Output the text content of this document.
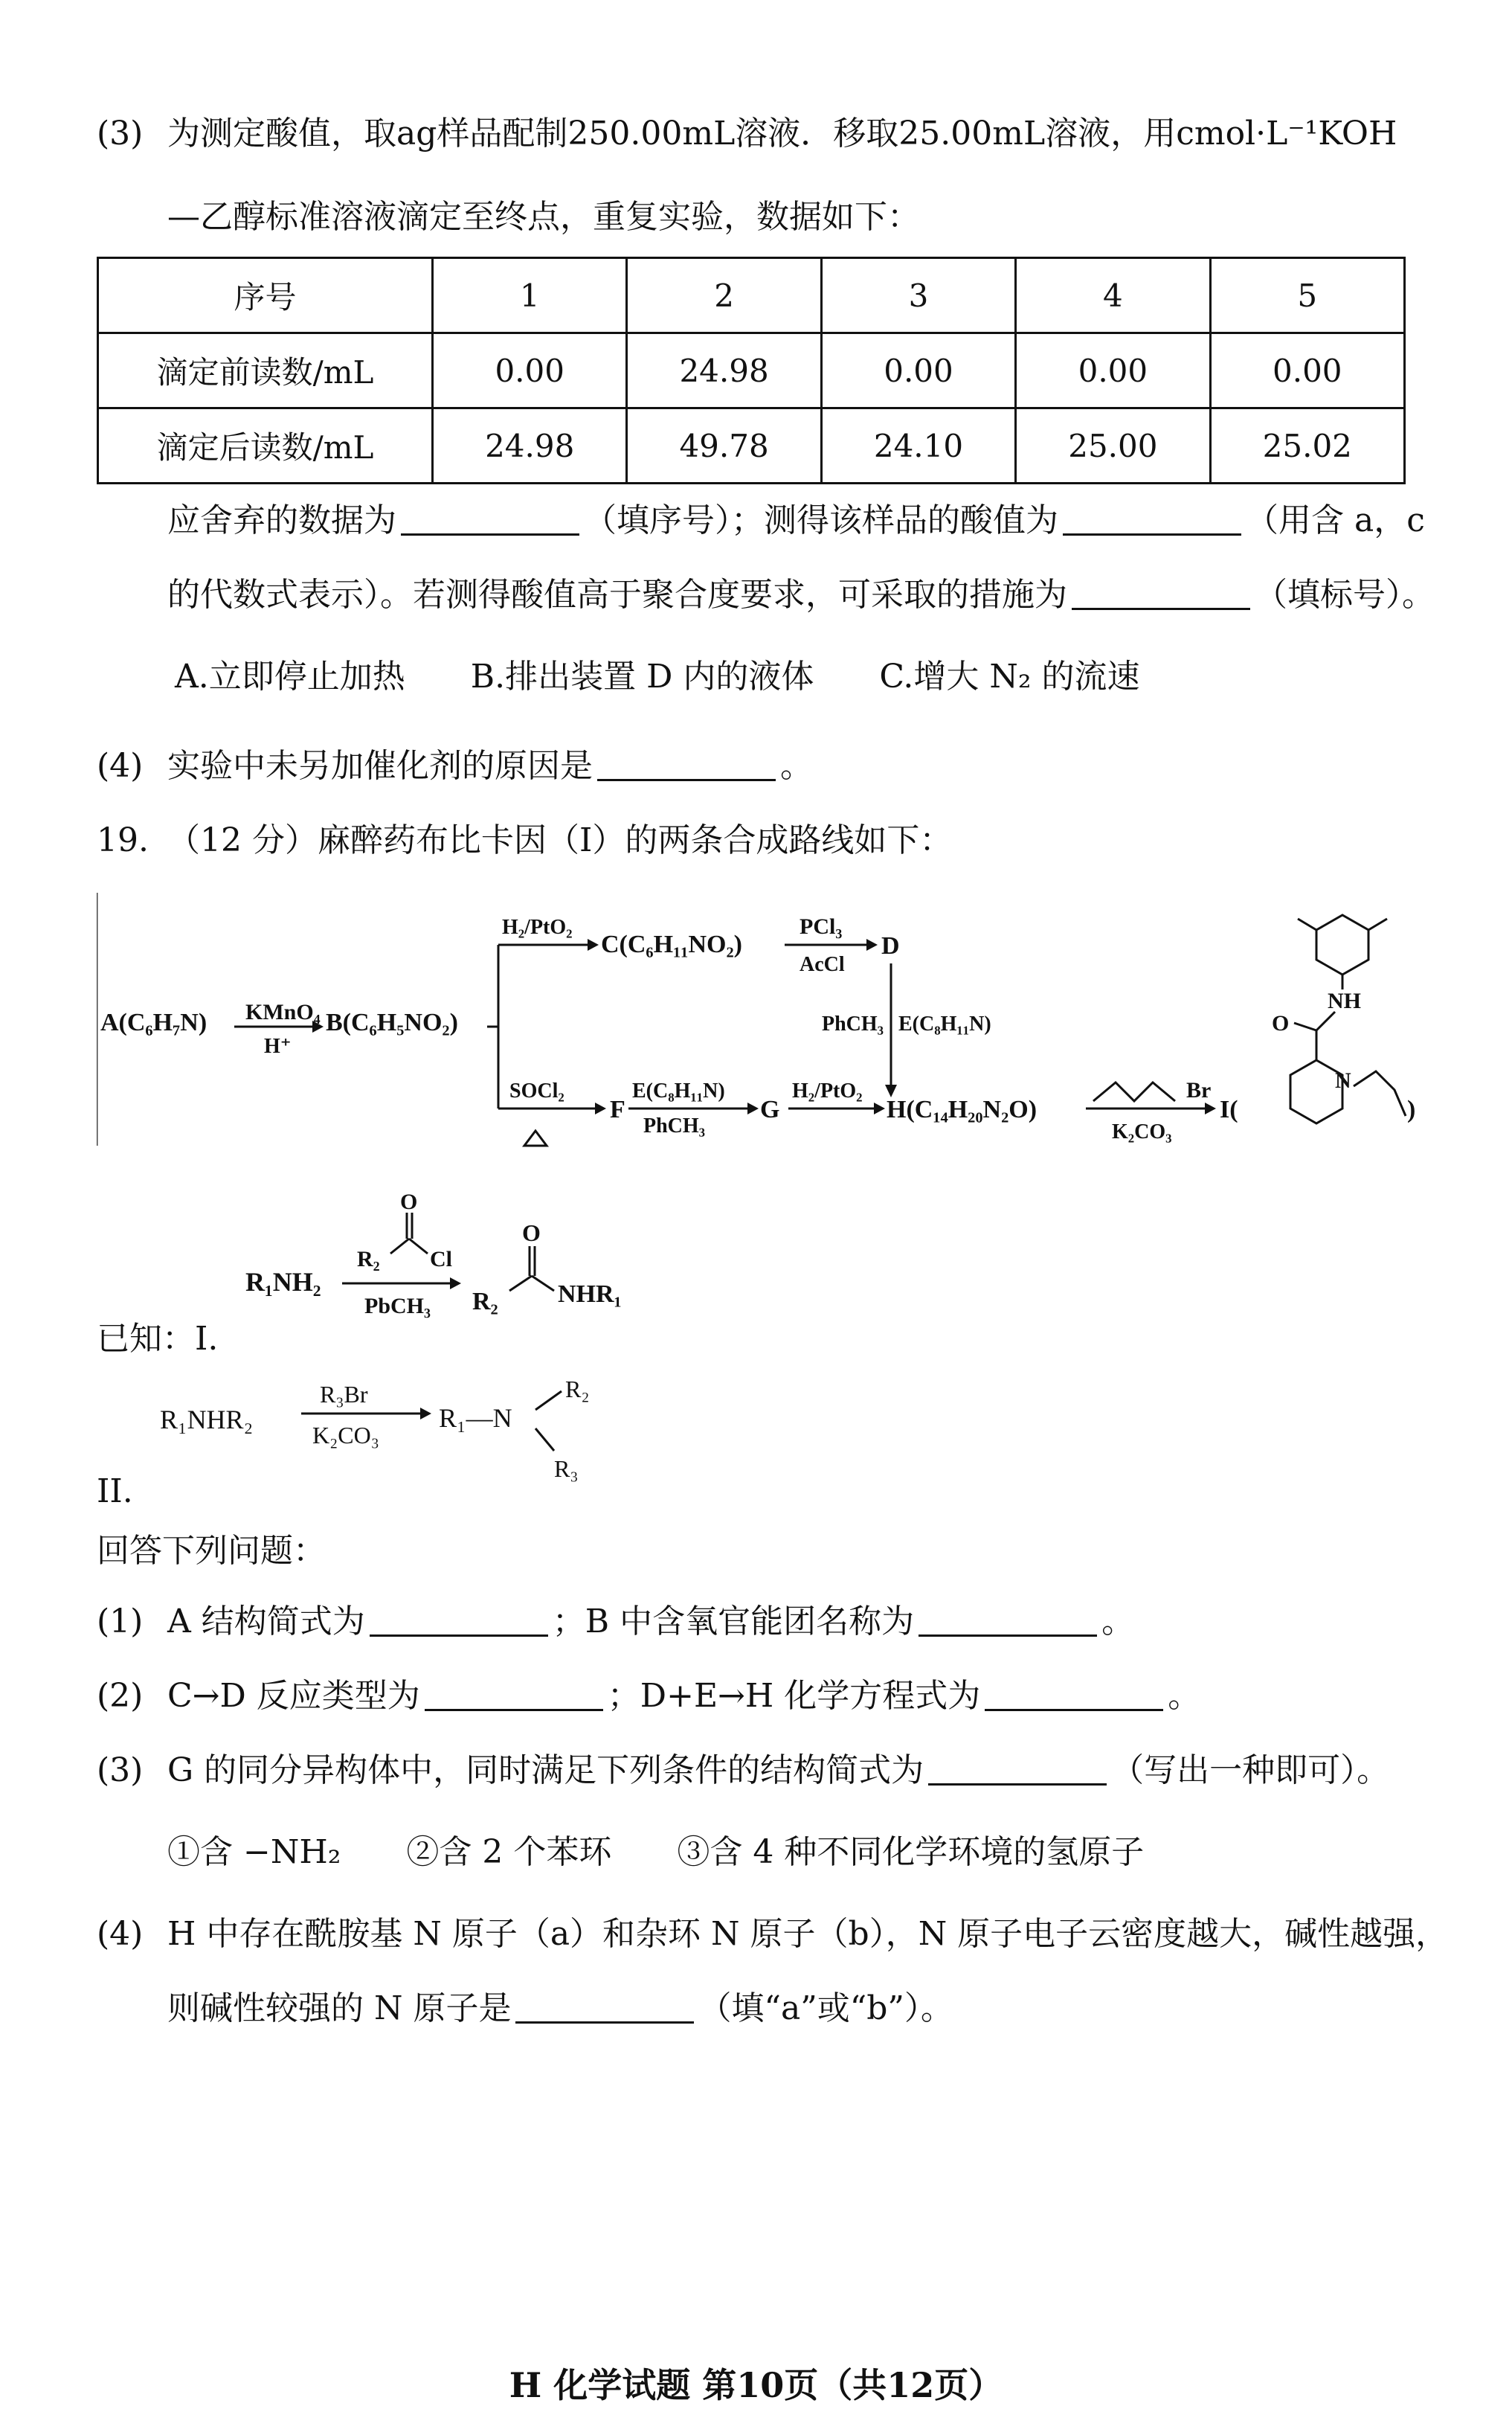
(3) 为测定酸值，取ag样品配制250.00mL溶液．移取25.00mL溶液，用cmol·L⁻¹KOH
—乙醇标准溶液滴定至终点，重复实验，数据如下：
序号	1	2	3	4	5
滴定前读数/mL	0.00	24.98	0.00	0.00	0.00
滴定后读数/mL	24.98	49.78	24.10	25.00	25.02
应舍弃的数据为	（填序号）；测得该样品的酸值为	（用含 a，c
的代数式表示）。若测得酸值高于聚合度要求，可采取的措施为	（填标号）。
A.立即停止加热　　B.排出装置 D 内的液体　　C.增大 N₂ 的流速
(4) 实验中未另加催化剂的原因是	。
19. （12 分）麻醉药布比卡因（I）的两条合成路线如下：
A(C₆H₇N) KMnO₄
H⁺
B(C₆H₅NO₂)
H₂/PtO₂
C(C₆H₁₁NO₂)
PCl₃
AcCl
D
PhCH₃ E(C₈H₁₁N)
SOCl₂
F
E(C₈H₁₁N)
PhCH₃
G
H₂/PtO₂
H(C₁₄H₂₀N₂O)
Br
K₂CO₃
I(
NH
O
N
)
已知：I.
R₁NH₂
R₂
O
Cl
PbCH₃ R₂
O
NHR₁
R₁NHR₂
R₃Br
K₂CO₃
R₁—N
R₂
R₃
II.
回答下列问题：
(1) A 结构简式为	；B 中含氧官能团名称为	。
(2) C→D 反应类型为	；D+E→H 化学方程式为	。
(3) G 的同分异构体中，同时满足下列条件的结构简式为	（写出一种即可）。
①含 −NH₂　　②含 2 个苯环　　③含 4 种不同化学环境的氢原子
(4) H 中存在酰胺基 N 原子（a）和杂环 N 原子（b），N 原子电子云密度越大，碱性越强，
则碱性较强的 N 原子是	（填“a”或“b”）。
H 化学试题 第10页（共12页）
